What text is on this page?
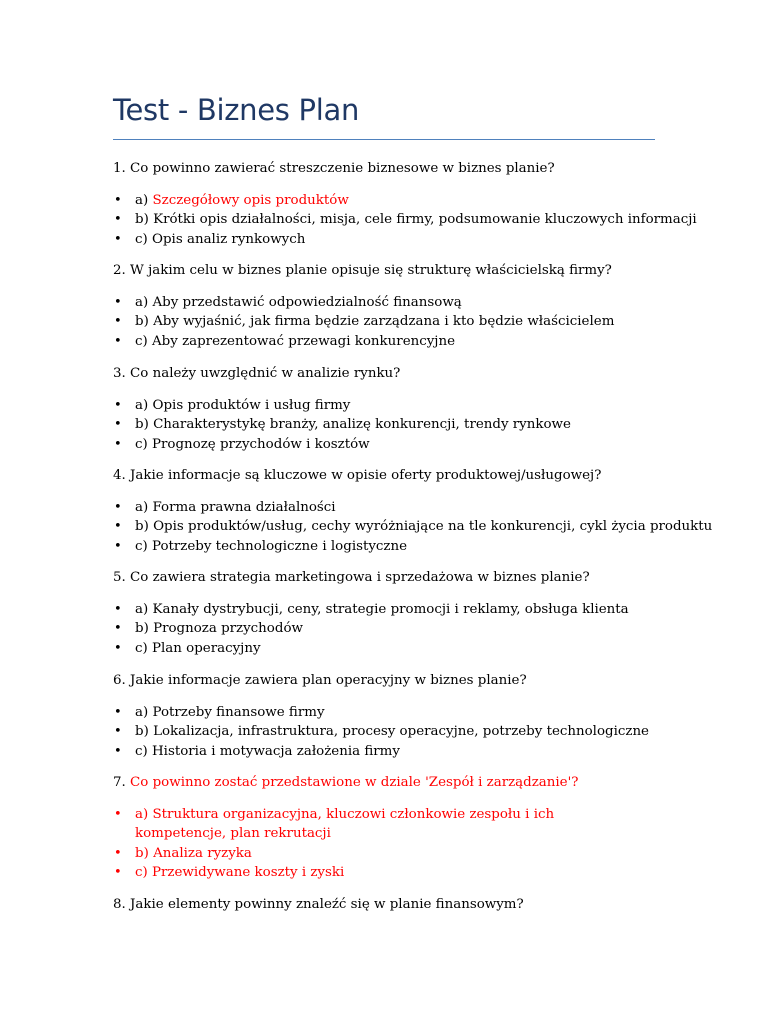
Test - Biznes Plan
1. Co powinno zawierać streszczenie biznesowe w biznes planie?
• a) Szczegółowy opis produktów
• b) Krótki opis działalności, misja, cele firmy, podsumowanie kluczowych informacji
• c) Opis analiz rynkowych
2. W jakim celu w biznes planie opisuje się strukturę właścicielską firmy?
• a) Aby przedstawić odpowiedzialność finansową
• b) Aby wyjaśnić, jak firma będzie zarządzana i kto będzie właścicielem
• c) Aby zaprezentować przewagi konkurencyjne
3. Co należy uwzględnić w analizie rynku?
• a) Opis produktów i usług firmy
• b) Charakterystykę branży, analizę konkurencji, trendy rynkowe
• c) Prognozę przychodów i kosztów
4. Jakie informacje są kluczowe w opisie oferty produktowej/usługowej?
• a) Forma prawna działalności
• b) Opis produktów/usług, cechy wyróżniające na tle konkurencji, cykl życia produktu
• c) Potrzeby technologiczne i logistyczne
5. Co zawiera strategia marketingowa i sprzedażowa w biznes planie?
• a) Kanały dystrybucji, ceny, strategie promocji i reklamy, obsługa klienta
• b) Prognoza przychodów
• c) Plan operacyjny
6. Jakie informacje zawiera plan operacyjny w biznes planie?
• a) Potrzeby finansowe firmy
• b) Lokalizacja, infrastruktura, procesy operacyjne, potrzeby technologiczne
• c) Historia i motywacja założenia firmy
7. Co powinno zostać przedstawione w dziale 'Zespół i zarządzanie'?
• a) Struktura organizacyjna, kluczowi członkowie zespołu i ich kompetencje, plan rekrutacji
• b) Analiza ryzyka
• c) Przewidywane koszty i zyski
8. Jakie elementy powinny znaleźć się w planie finansowym?
